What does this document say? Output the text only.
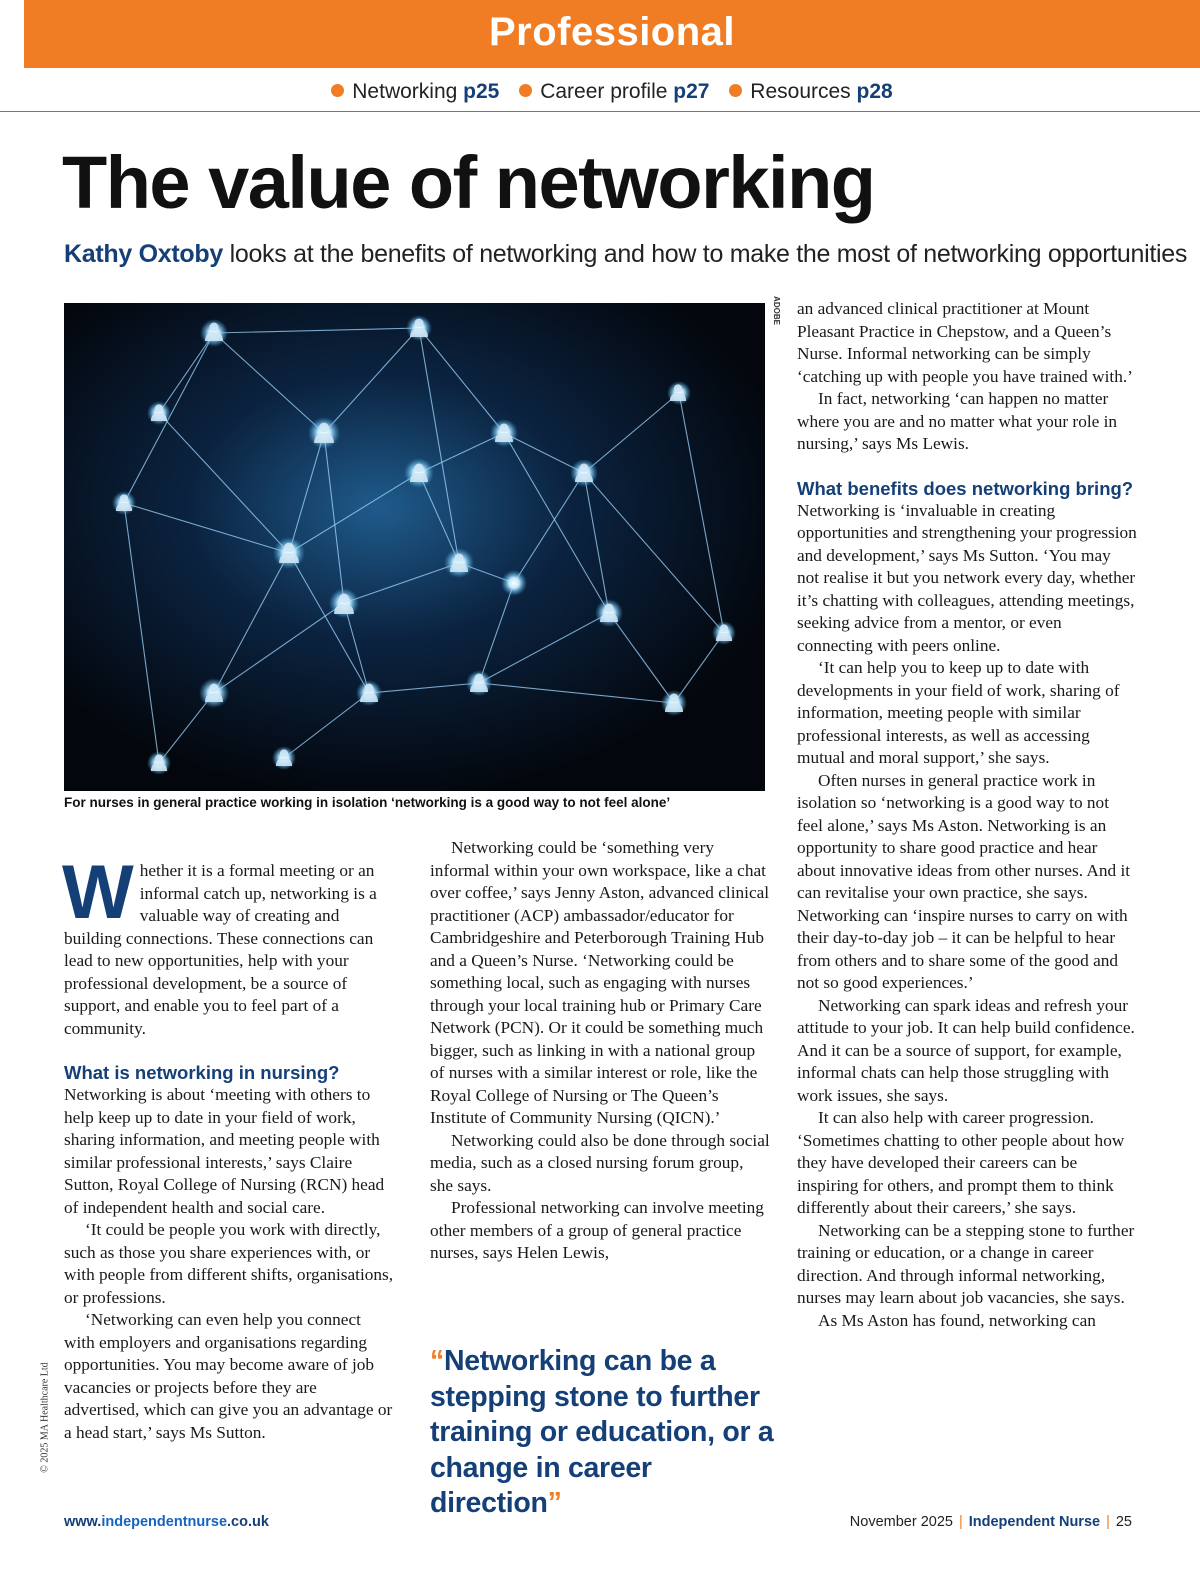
Professional
Networking p25 Career profile p27 Resources p28
The value of networking
Kathy Oxtoby looks at the benefits of networking and how to make the most of networking opportunities
ADOBE
For nurses in general practice working in isolation ‘networking is a good way to not feel alone’

Whether it is a formal meeting or an informal catch up, networking is a valuable way of creating and building connections. These connections can lead to new opportunities, help with your professional development, be a source of support, and enable you to feel part of a community.

What is networking in nursing?

Networking is about ‘meeting with others to help keep up to date in your field of work, sharing information, and meeting people with similar professional interests,’ says Claire Sutton, Royal College of Nursing (RCN) head of independent health and social care.

‘It could be people you work with directly, such as those you share experiences with, or with people from different shifts, organisations, or professions.

‘Networking can even help you connect with employers and organisations regarding opportunities. You may become aware of job vacancies or projects before they are advertised, which can give you an advantage or a head start,’ says Ms Sutton.

Networking could be ‘something very informal within your own workspace, like a chat over coffee,’ says Jenny Aston, advanced clinical practitioner (ACP) ambassador/educator for Cambridgeshire and Peterborough Training Hub and a Queen’s Nurse. ‘Networking could be something local, such as engaging with nurses through your local training hub or Primary Care Network (PCN). Or it could be something much bigger, such as linking in with a national group of nurses with a similar interest or role, like the Royal College of Nursing or The Queen’s Institute of Community Nursing (QICN).’

Networking could also be done through social media, such as a closed nursing forum group, she says.

Professional networking can involve meeting other members of a group of general practice nurses, says Helen Lewis,

“Networking can be a stepping stone to further training or education, or a change in career direction”

an advanced clinical practitioner at Mount Pleasant Practice in Chepstow, and a Queen’s Nurse. Informal networking can be simply ‘catching up with people you have trained with.’

In fact, networking ‘can happen no matter where you are and no matter what your role in nursing,’ says Ms Lewis.

What benefits does networking bring?

Networking is ‘invaluable in creating opportunities and strengthening your progression and development,’ says Ms Sutton. ‘You may not realise it but you network every day, whether it’s chatting with colleagues, attending meetings, seeking advice from a mentor, or even connecting with peers online.

‘It can help you to keep up to date with developments in your field of work, sharing of information, meeting people with similar professional interests, as well as accessing mutual and moral support,’ she says.

Often nurses in general practice work in isolation so ‘networking is a good way to not feel alone,’ says Ms Aston. Networking is an opportunity to share good practice and hear about innovative ideas from other nurses. And it can revitalise your own practice, she says. Networking can ‘inspire nurses to carry on with their day-to-day job – it can be helpful to hear from others and to share some of the good and not so good experiences.’

Networking can spark ideas and refresh your attitude to your job. It can help build confidence. And it can be a source of support, for example, informal chats can help those struggling with work issues, she says.

It can also help with career progression. ‘Sometimes chatting to other people about how they have developed their careers can be inspiring for others, and prompt them to think differently about their careers,’ she says.

Networking can be a stepping stone to further training or education, or a change in career direction. And through informal networking, nurses may learn about job vacancies, she says.

As Ms Aston has found, networking can

© 2025 MA Healthcare Ltd
www.independentnurse.co.uk	November 2025 | Independent Nurse | 25
